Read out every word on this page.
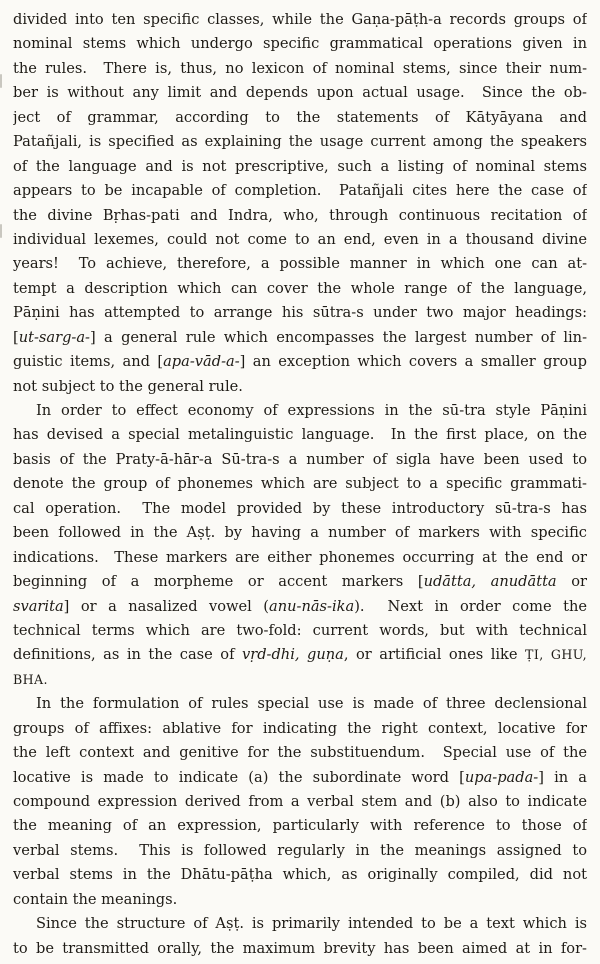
divided into ten specific classes, while the Gaṇa-pāṭh-a records groups of
nominal stems which undergo specific grammatical operations given in
the rules.  There is, thus, no lexicon of nominal stems, since their num-
ber is without any limit and depends upon actual usage.  Since the ob-
ject of grammar, according to the statements of Kātyāyana and
Patañjali, is specified as explaining the usage current among the speakers
of the language and is not prescriptive, such a listing of nominal stems
appears to be incapable of completion.  Patañjali cites here the case of
the divine Bṛhas-pati and Indra, who, through continuous recitation of
individual lexemes, could not come to an end, even in a thousand divine
years!  To achieve, therefore, a possible manner in which one can at-
tempt a description which can cover the whole range of the language,
Pāṇini has attempted to arrange his sūtra-s under two major headings:
[ut-sarg-a-] a general rule which encompasses the largest number of lin-
guistic items, and [apa-vād-a-] an exception which covers a smaller group
not subject to the general rule.
In order to effect economy of expressions in the sū-tra style Pāṇini
has devised a special metalinguistic language.  In the first place, on the
basis of the Praty-ā-hār-a Sū-tra-s a number of sigla have been used to
denote the group of phonemes which are subject to a specific grammati-
cal operation.  The model provided by these introductory sū-tra-s has
been followed in the Aṣṭ. by having a number of markers with specific
indications.  These markers are either phonemes occurring at the end or
beginning of a morpheme or accent markers [udātta, anudātta or
svarita] or a nasalized vowel (anu-nās-ika).  Next in order come the
technical terms which are two-fold: current words, but with technical
definitions, as in the case of vṛd-dhi, guṇa, or artificial ones like ṬI, GHU,
BHA.
In the formulation of rules special use is made of three declensional
groups of affixes: ablative for indicating the right context, locative for
the left context and genitive for the substituendum.  Special use of the
locative is made to indicate (a) the subordinate word [upa-pada-] in a
compound expression derived from a verbal stem and (b) also to indicate
the meaning of an expression, particularly with reference to those of
verbal stems.  This is followed regularly in the meanings assigned to
verbal stems in the Dhātu-pāṭha which, as originally compiled, did not
contain the meanings.
Since the structure of Aṣṭ. is primarily intended to be a text which is
to be transmitted orally, the maximum brevity has been aimed at in for-
